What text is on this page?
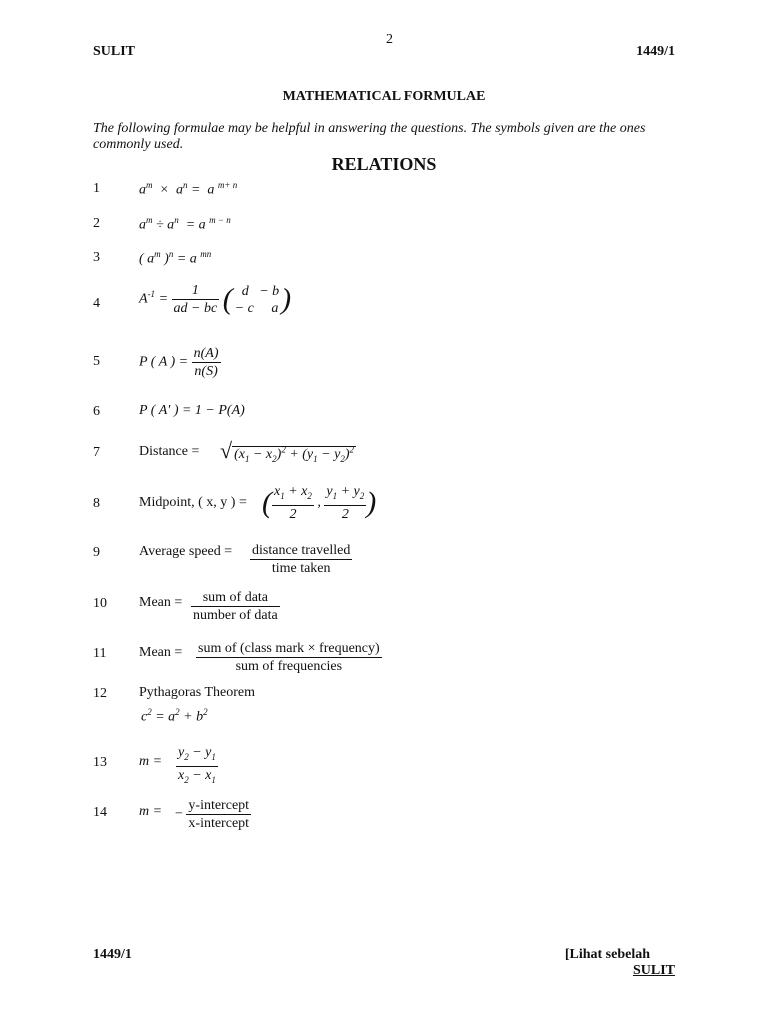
2
SULIT	1449/1
MATHEMATICAL FORMULAE
The following formulae may be helpful in answering the questions. The symbols given are the ones commonly used.
RELATIONS
1	$a^m \times a^n = a$ $^{m+ n}$
2	$a^m \div a^n = a$ $^{m - n}$
3	( $a^m$ )$^n$ = a $^{mn}$
4	$A^{-1} = \frac{1}{ad - bc}$ ( d   − b
− c     a )
5	P ( A ) = $\frac{n(A)}{n(S)}$
6	P ( A′ ) = 1 − P(A)
7	Distance = √ $(x_1 - x_2)^2 + (y_1 - y_2)^2$
8	Midpoint, ( x, y ) = ( $\frac{x_1 + x_2}{2}$ , $\frac{y_1 + y_2}{2}$ )
9	Average speed = $\frac{\text{distance travelled}}{\text{time taken}}$
10 Mean = $\frac{\text{sum of data}}{\text{number of data}}$
11 Mean = $\frac{\text{sum of (class mark × frequency)}}{\text{sum of frequencies}}$
12 Pythagoras Theorem
$c^2 = a^2 + b^2$
13 $m = \frac{y_2 - y_1}{x_2 - x_1}$
14 m = − $\frac{\text{y-intercept}}{\text{x-intercept}}$
1449/1	[Lihat sebelah
SULIT
